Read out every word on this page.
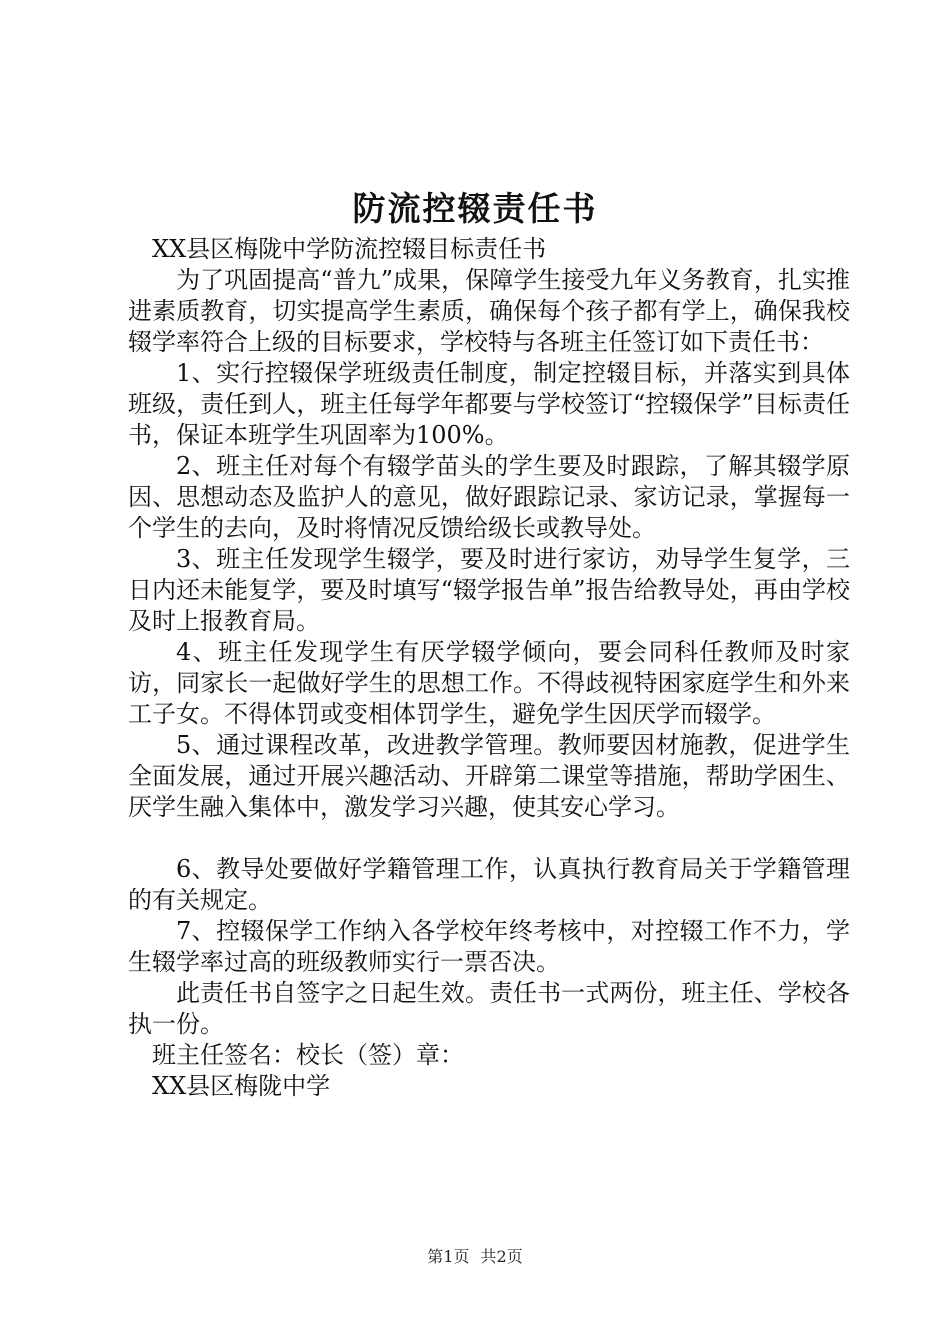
防流控辍责任书

XX县区梅陇中学防流控辍目标责任书

为了巩固提高“普九”成果，保障学生接受九年义务教育，扎实推进素质教育，切实提高学生素质，确保每个孩子都有学上，确保我校辍学率符合上级的目标要求，学校特与各班主任签订如下责任书：

1、实行控辍保学班级责任制度，制定控辍目标，并落实到具体班级，责任到人，班主任每学年都要与学校签订“控辍保学”目标责任书，保证本班学生巩固率为100%。

2、班主任对每个有辍学苗头的学生要及时跟踪，了解其辍学原因、思想动态及监护人的意见，做好跟踪记录、家访记录，掌握每一个学生的去向，及时将情况反馈给级长或教导处。

3、班主任发现学生辍学，要及时进行家访，劝导学生复学，三日内还未能复学，要及时填写“辍学报告单”报告给教导处，再由学校及时上报教育局。

4、班主任发现学生有厌学辍学倾向，要会同科任教师及时家访，同家长一起做好学生的思想工作。不得歧视特困家庭学生和外来工子女。不得体罚或变相体罚学生，避免学生因厌学而辍学。

5、通过课程改革，改进教学管理。教师要因材施教，促进学生全面发展，通过开展兴趣活动、开辟第二课堂等措施，帮助学困生、厌学生融入集体中，激发学习兴趣，使其安心学习。

6、教导处要做好学籍管理工作，认真执行教育局关于学籍管理的有关规定。

7、控辍保学工作纳入各学校年终考核中，对控辍工作不力，学生辍学率过高的班级教师实行一票否决。

此责任书自签字之日起生效。责任书一式两份，班主任、学校各执一份。

班主任签名：校长（签）章：

XX县区梅陇中学

第1页 共2页
